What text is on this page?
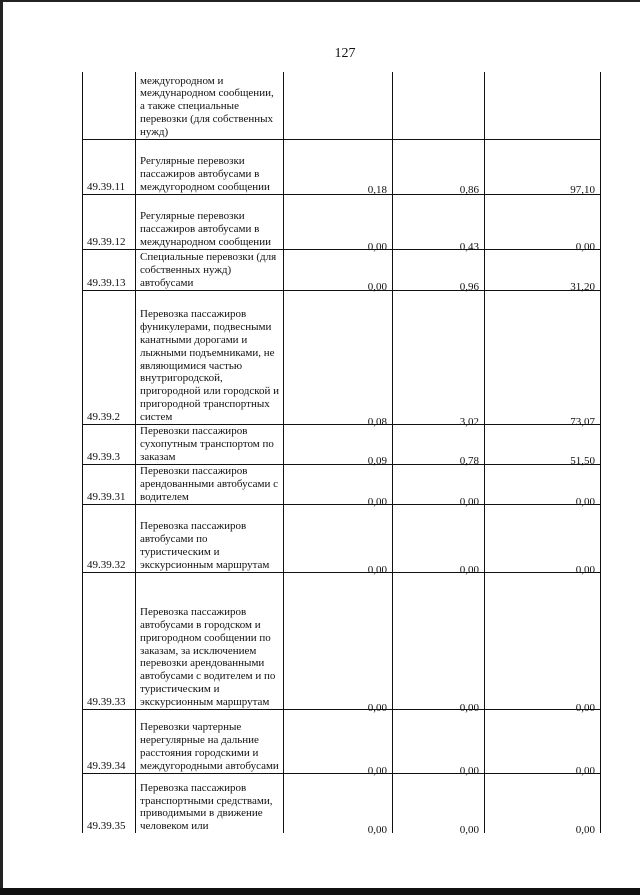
127
	междугородном и международном сообщении, а также специальные перевозки (для собственных нужд)	

49.39.11	Регулярные перевозки пассажиров автобусами в междугородном сообщении	0,18	0,86	97,10

49.39.12	Регулярные перевозки пассажиров автобусами в международном сообщении	0,00	0,43	0,00

49.39.13	Специальные перевозки (для собственных нужд) автобусами	0,00	0,96	31,20

49.39.2	Перевозка пассажиров фуникулерами, подвесными канатными дорогами и лыжными подъемниками, не являющимися частью внутригородской, пригородной или городской и пригородной транспортных систем	0,08	3,02	73,07

49.39.3	Перевозки пассажиров сухопутным транспортом по заказам	0,09	0,78	51,50

49.39.31	Перевозки пассажиров арендованными автобусами с водителем	0,00	0,00	0,00

49.39.32	Перевозка пассажиров автобусами по туристическим и экскурсионным маршрутам	0,00	0,00	0,00

49.39.33	Перевозка пассажиров автобусами в городском и пригородном сообщении по заказам, за исключением перевозки арендованными автобусами с водителем и по туристическим и экскурсионным маршрутам	0,00	0,00	0,00

49.39.34	Перевозки чартерные нерегулярные на дальние расстояния городскими и междугородными автобусами	0,00	0,00	0,00

49.39.35	Перевозка пассажиров транспортными средствами, приводимыми в движение человеком или	0,00	0,00	0,00
